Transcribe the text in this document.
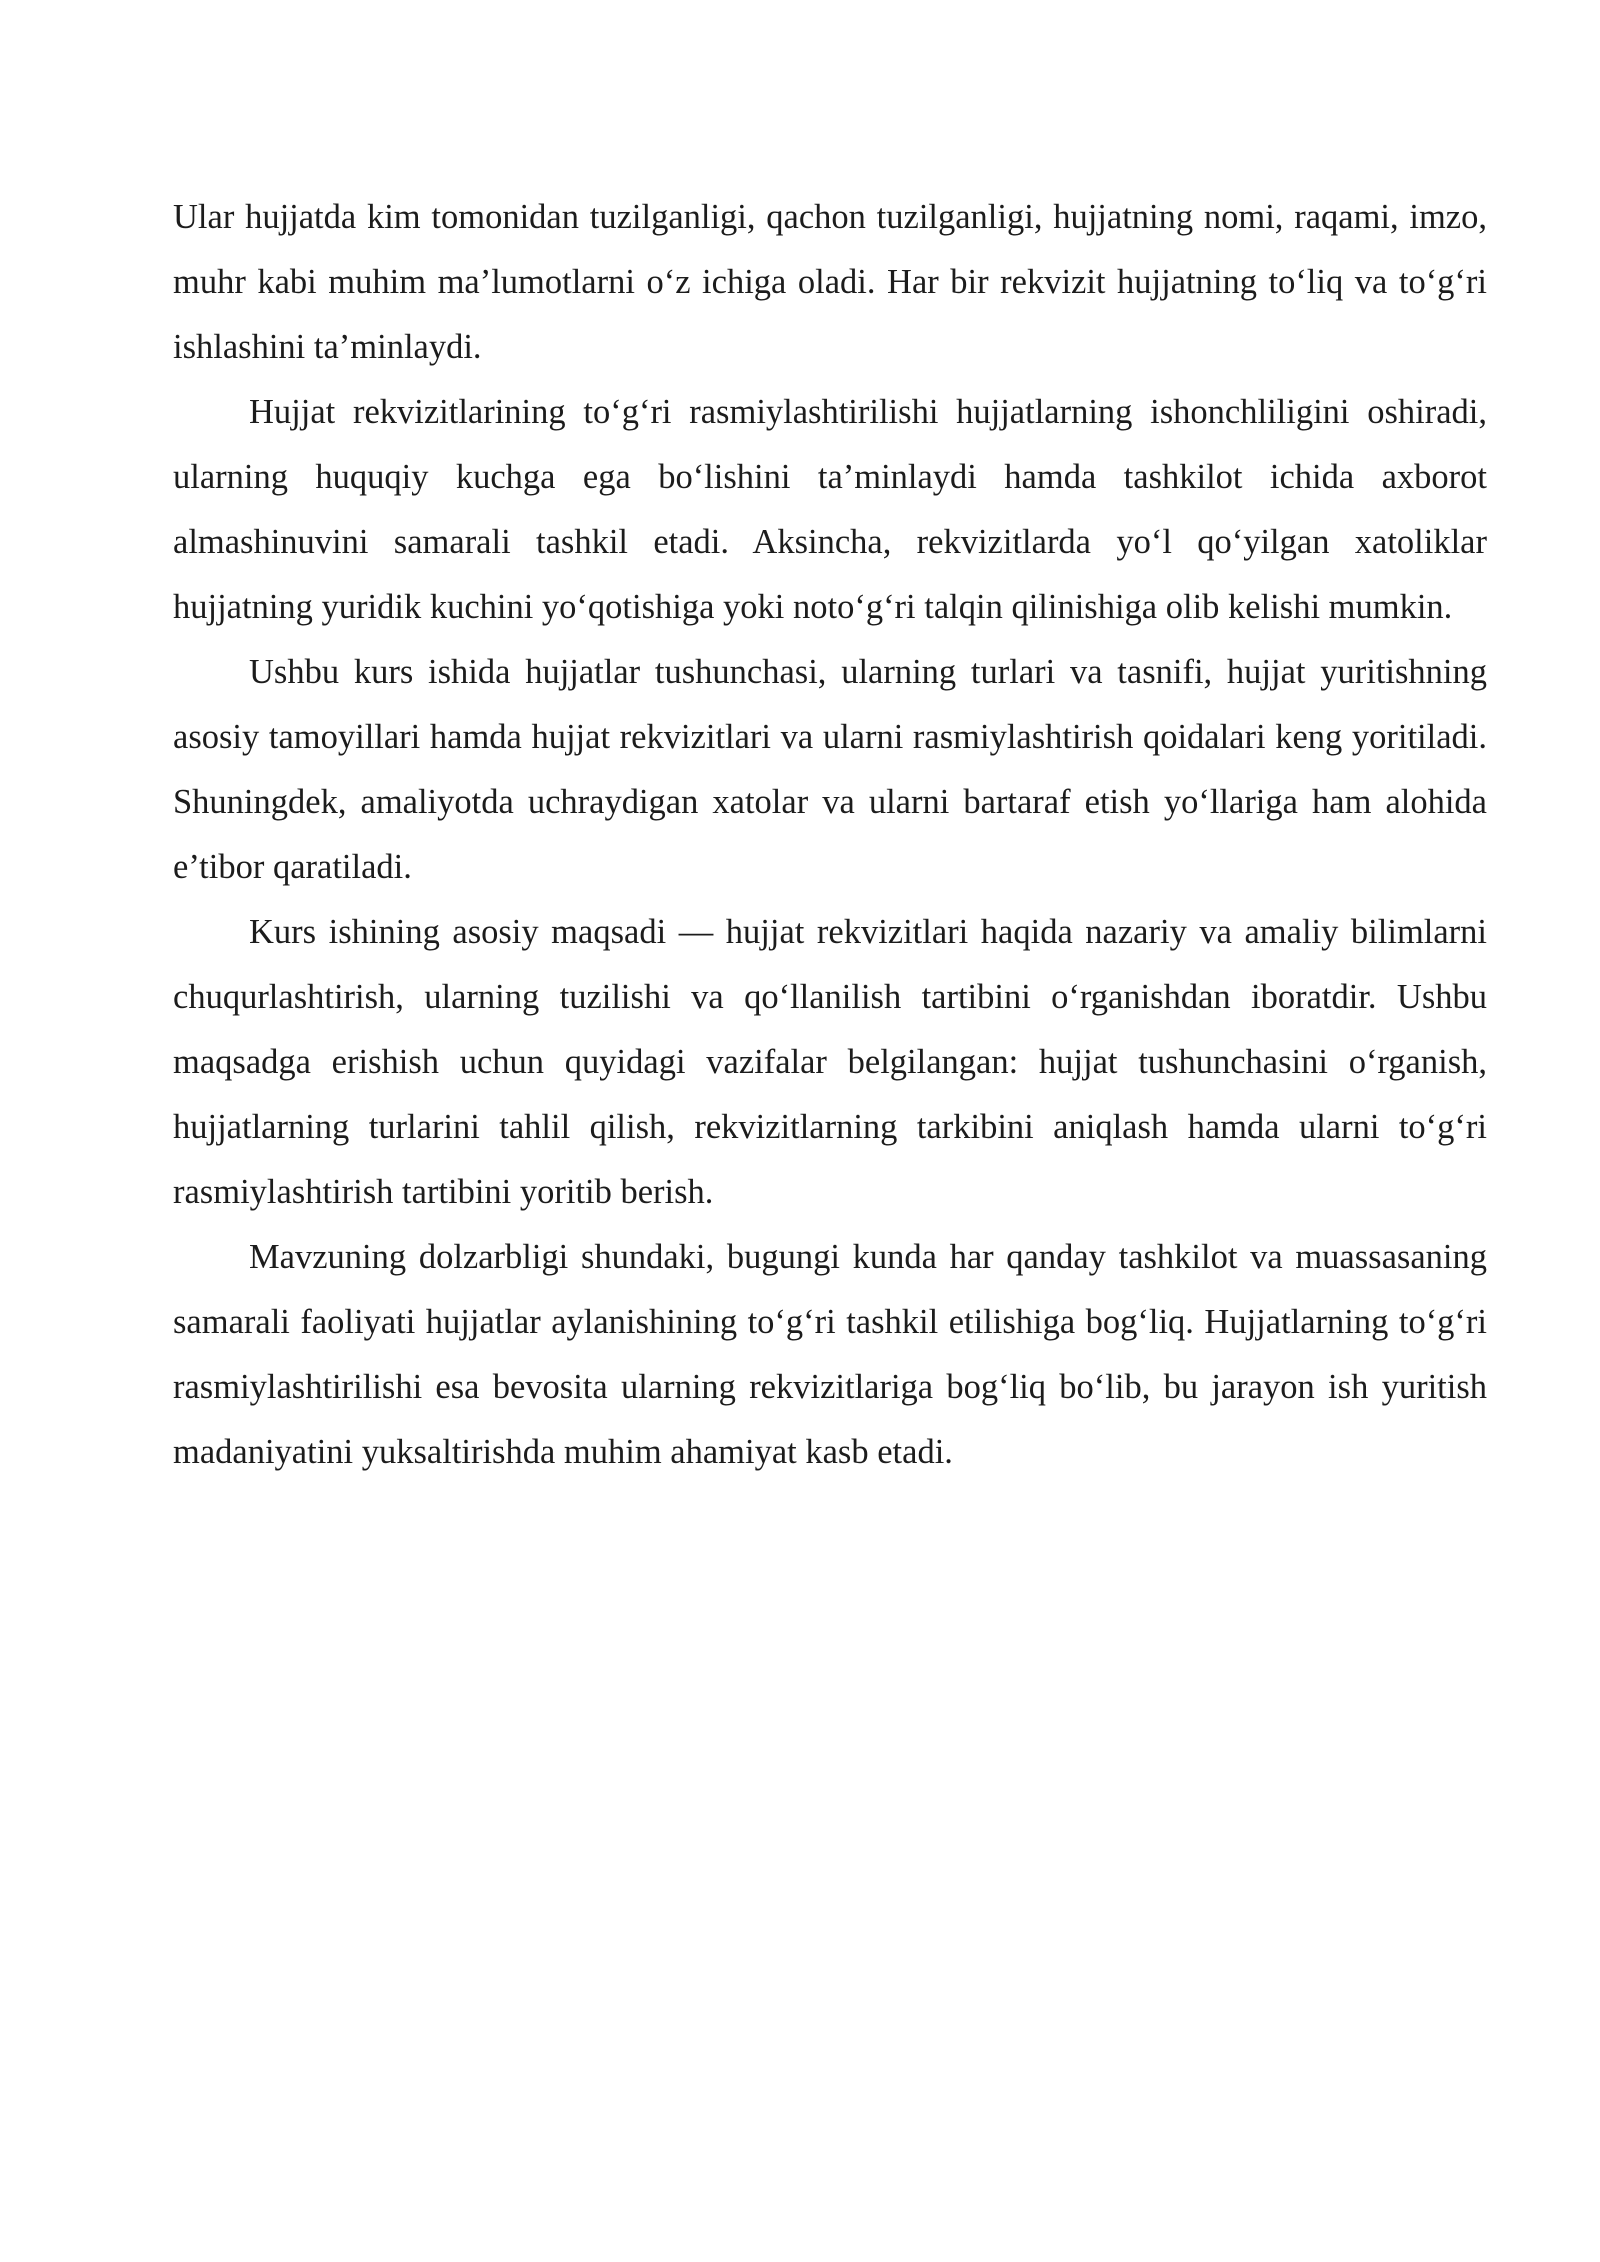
Ular hujjatda kim tomonidan tuzilganligi, qachon tuzilganligi, hujjatning nomi, raqami, imzo, muhr kabi muhim ma’lumotlarni o‘z ichiga oladi. Har bir rekvizit hujjatning to‘liq va to‘g‘ri ishlashini ta’minlaydi.

Hujjat rekvizitlarining to‘g‘ri rasmiylashtirilishi hujjatlarning ishonchliligini oshiradi, ularning huquqiy kuchga ega bo‘lishini ta’minlaydi hamda tashkilot ichida axborot almashinuvini samarali tashkil etadi. Aksincha, rekvizitlarda yo‘l qo‘yilgan xatoliklar hujjatning yuridik kuchini yo‘qotishiga yoki noto‘g‘ri talqin qilinishiga olib kelishi mumkin.

Ushbu kurs ishida hujjatlar tushunchasi, ularning turlari va tasnifi, hujjat yuritishning asosiy tamoyillari hamda hujjat rekvizitlari va ularni rasmiylashtirish qoidalari keng yoritiladi. Shuningdek, amaliyotda uchraydigan xatolar va ularni bartaraf etish yo‘llariga ham alohida e’tibor qaratiladi.

Kurs ishining asosiy maqsadi — hujjat rekvizitlari haqida nazariy va amaliy bilimlarni chuqurlashtirish, ularning tuzilishi va qo‘llanilish tartibini o‘rganishdan iboratdir. Ushbu maqsadga erishish uchun quyidagi vazifalar belgilangan: hujjat tushunchasini o‘rganish, hujjatlarning turlarini tahlil qilish, rekvizitlarning tarkibini aniqlash hamda ularni to‘g‘ri rasmiylashtirish tartibini yoritib berish.

Mavzuning dolzarbligi shundaki, bugungi kunda har qanday tashkilot va muassasaning samarali faoliyati hujjatlar aylanishining to‘g‘ri tashkil etilishiga bog‘liq. Hujjatlarning to‘g‘ri rasmiylashtirilishi esa bevosita ularning rekvizitlariga bog‘liq bo‘lib, bu jarayon ish yuritish madaniyatini yuksaltirishda muhim ahamiyat kasb etadi.
